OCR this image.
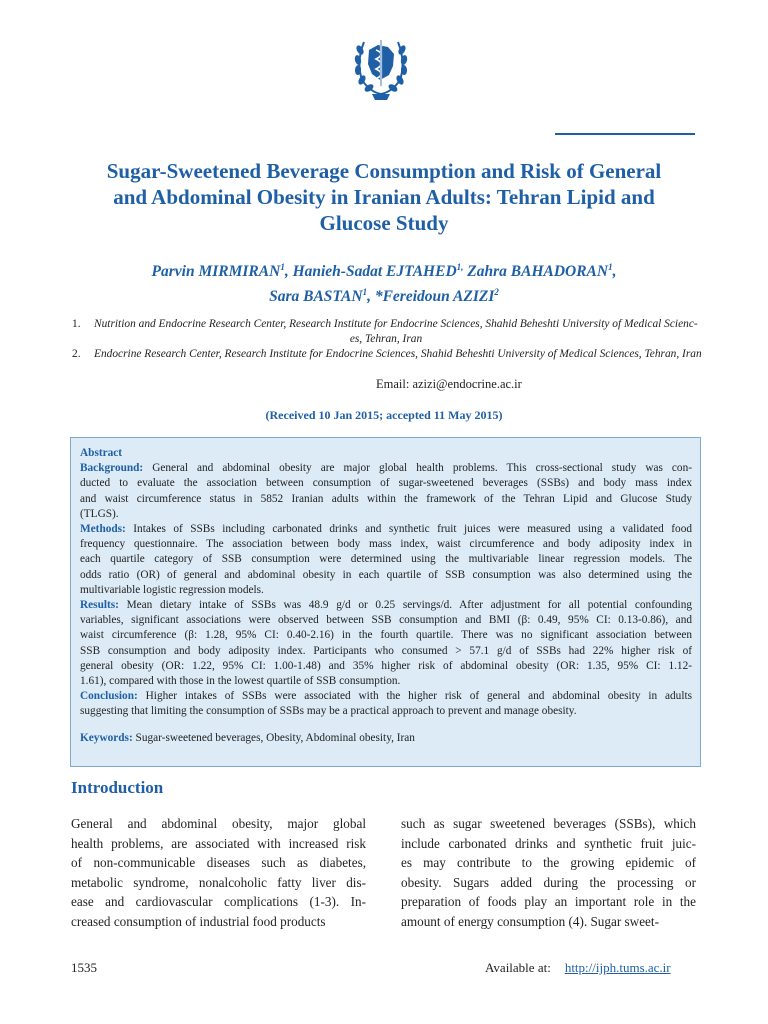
Sugar-Sweetened Beverage Consumption and Risk of General
and Abdominal Obesity in Iranian Adults: Tehran Lipid and
Glucose Study
Parvin MIRMIRAN$^1$, Hanieh-Sadat $EJTAHED^{1,}$ Zahra BAHADORAN$^1$,
Sara BASTAN$^1$, *Fereidoun AZIZI$^2$
1.	Nutrition and Endocrine Research Center, Research Institute for Endocrine Sciences, Shahid Beheshti University of Medical Scienc-
es, Tehran, Iran
2.	Endocrine Research Center, Research Institute for Endocrine Sciences, Shahid Beheshti University of Medical Sciences, Tehran, Iran
Email: azizi@endocrine.ac.ir
(Received 10 Jan 2015; accepted 11 May 2015)
Abstract
Background: General and abdominal obesity are major global health problems. This cross-sectional study was con-
ducted to evaluate the association between consumption of sugar-sweetened beverages (SSBs) and body mass index
and waist circumference status in 5852 Iranian adults within the framework of the Tehran Lipid and Glucose Study
(TLGS).
Methods: Intakes of SSBs including carbonated drinks and synthetic fruit juices were measured using a validated food
frequency questionnaire. The association between body mass index, waist circumference and body adiposity index in
each quartile category of SSB consumption were determined using the multivariable linear regression models. The
odds ratio (OR) of general and abdominal obesity in each quartile of SSB consumption was also determined using the
multivariable logistic regression models.
Results: Mean dietary intake of SSBs was 48.9 g/d or 0.25 servings/d. After adjustment for all potential confounding
variables, significant associations were observed between SSB consumption and BMI (β: 0.49, 95% CI: 0.13-0.86), and
waist circumference (β: 1.28, 95% CI: 0.40-2.16) in the fourth quartile. There was no significant association between
SSB consumption and body adiposity index. Participants who consumed > 57.1 g/d of SSBs had 22% higher risk of
general obesity (OR: 1.22, 95% CI: 1.00-1.48) and 35% higher risk of abdominal obesity (OR: 1.35, 95% CI: 1.12-
1.61), compared with those in the lowest quartile of SSB consumption.
Conclusion: Higher intakes of SSBs were associated with the higher risk of general and abdominal obesity in adults
suggesting that limiting the consumption of SSBs may be a practical approach to prevent and manage obesity.
Keywords: Sugar-sweetened beverages, Obesity, Abdominal obesity, Iran
Introduction
General and abdominal obesity, major global
health problems, are associated with increased risk
of non-communicable diseases such as diabetes,
metabolic syndrome, nonalcoholic fatty liver dis-
ease and cardiovascular complications (1-3). In-
creased consumption of industrial food products
such as sugar sweetened beverages (SSBs), which
include carbonated drinks and synthetic fruit juic-
es may contribute to the growing epidemic of
obesity. Sugars added during the processing or
preparation of foods play an important role in the
amount of energy consumption (4). Sugar sweet-
1535	Available at: http://ijph.tums.ac.ir
